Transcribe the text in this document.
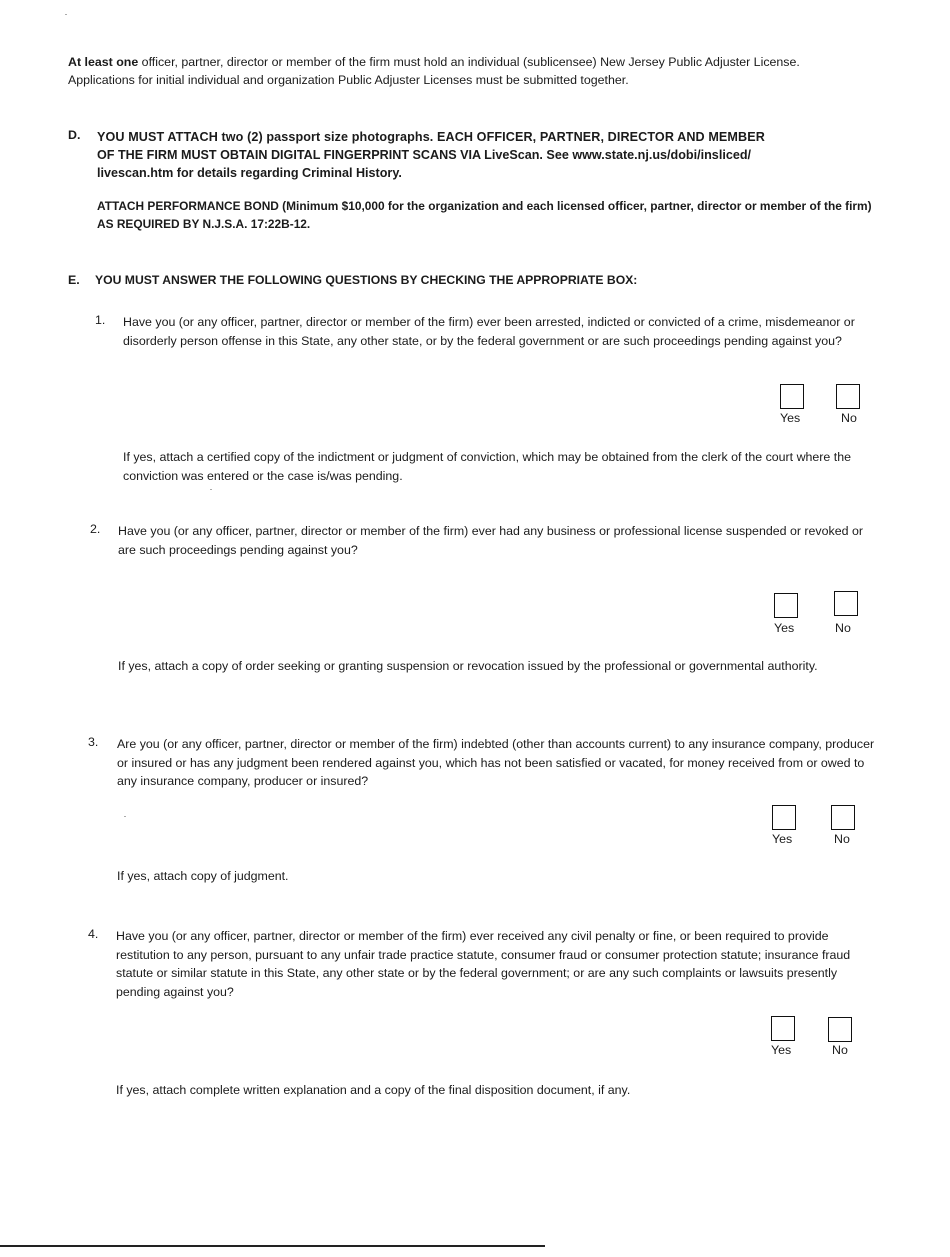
At least one officer, partner, director or member of the firm must hold an individual (sublicensee) New Jersey Public Adjuster License. Applications for initial individual and organization Public Adjuster Licenses must be submitted together.
D. YOU MUST ATTACH two (2) passport size photographs. EACH OFFICER, PARTNER, DIRECTOR AND MEMBER
OF THE FIRM MUST OBTAIN DIGITAL FINGERPRINT SCANS VIA LiveScan. See www.state.nj.us/dobi/insliced/
livescan.htm for details regarding Criminal History.
ATTACH PERFORMANCE BOND (Minimum $10,000 for the organization and each licensed officer, partner, director or member of the firm) AS REQUIRED BY N.J.S.A. 17:22B-12.
E. YOU MUST ANSWER THE FOLLOWING QUESTIONS BY CHECKING THE APPROPRIATE BOX:
1. Have you (or any officer, partner, director or member of the firm) ever been arrested, indicted or convicted of a crime, misdemeanor or disorderly person offense in this State, any other state, or by the federal government or are such proceedings pending against you?
Yes	No
If yes, attach a certified copy of the indictment or judgment of conviction, which may be obtained from the clerk of the court where the conviction was entered or the case is/was pending.
2. Have you (or any officer, partner, director or member of the firm) ever had any business or professional license suspended or revoked or are such proceedings pending against you?
Yes	No
If yes, attach a copy of order seeking or granting suspension or revocation issued by the professional or governmental authority.
3. Are you (or any officer, partner, director or member of the firm) indebted (other than accounts current) to any insurance company, producer or insured or has any judgment been rendered against you, which has not been satisfied or vacated, for money received from or owed to any insurance company, producer or insured?
Yes	No
If yes, attach copy of judgment.
4. Have you (or any officer, partner, director or member of the firm) ever received any civil penalty or fine, or been required to provide restitution to any person, pursuant to any unfair trade practice statute, consumer fraud or consumer protection statute; insurance fraud statute or similar statute in this State, any other state or by the federal government; or are any such complaints or lawsuits presently pending against you?
Yes	No
If yes, attach complete written explanation and a copy of the final disposition document, if any.
